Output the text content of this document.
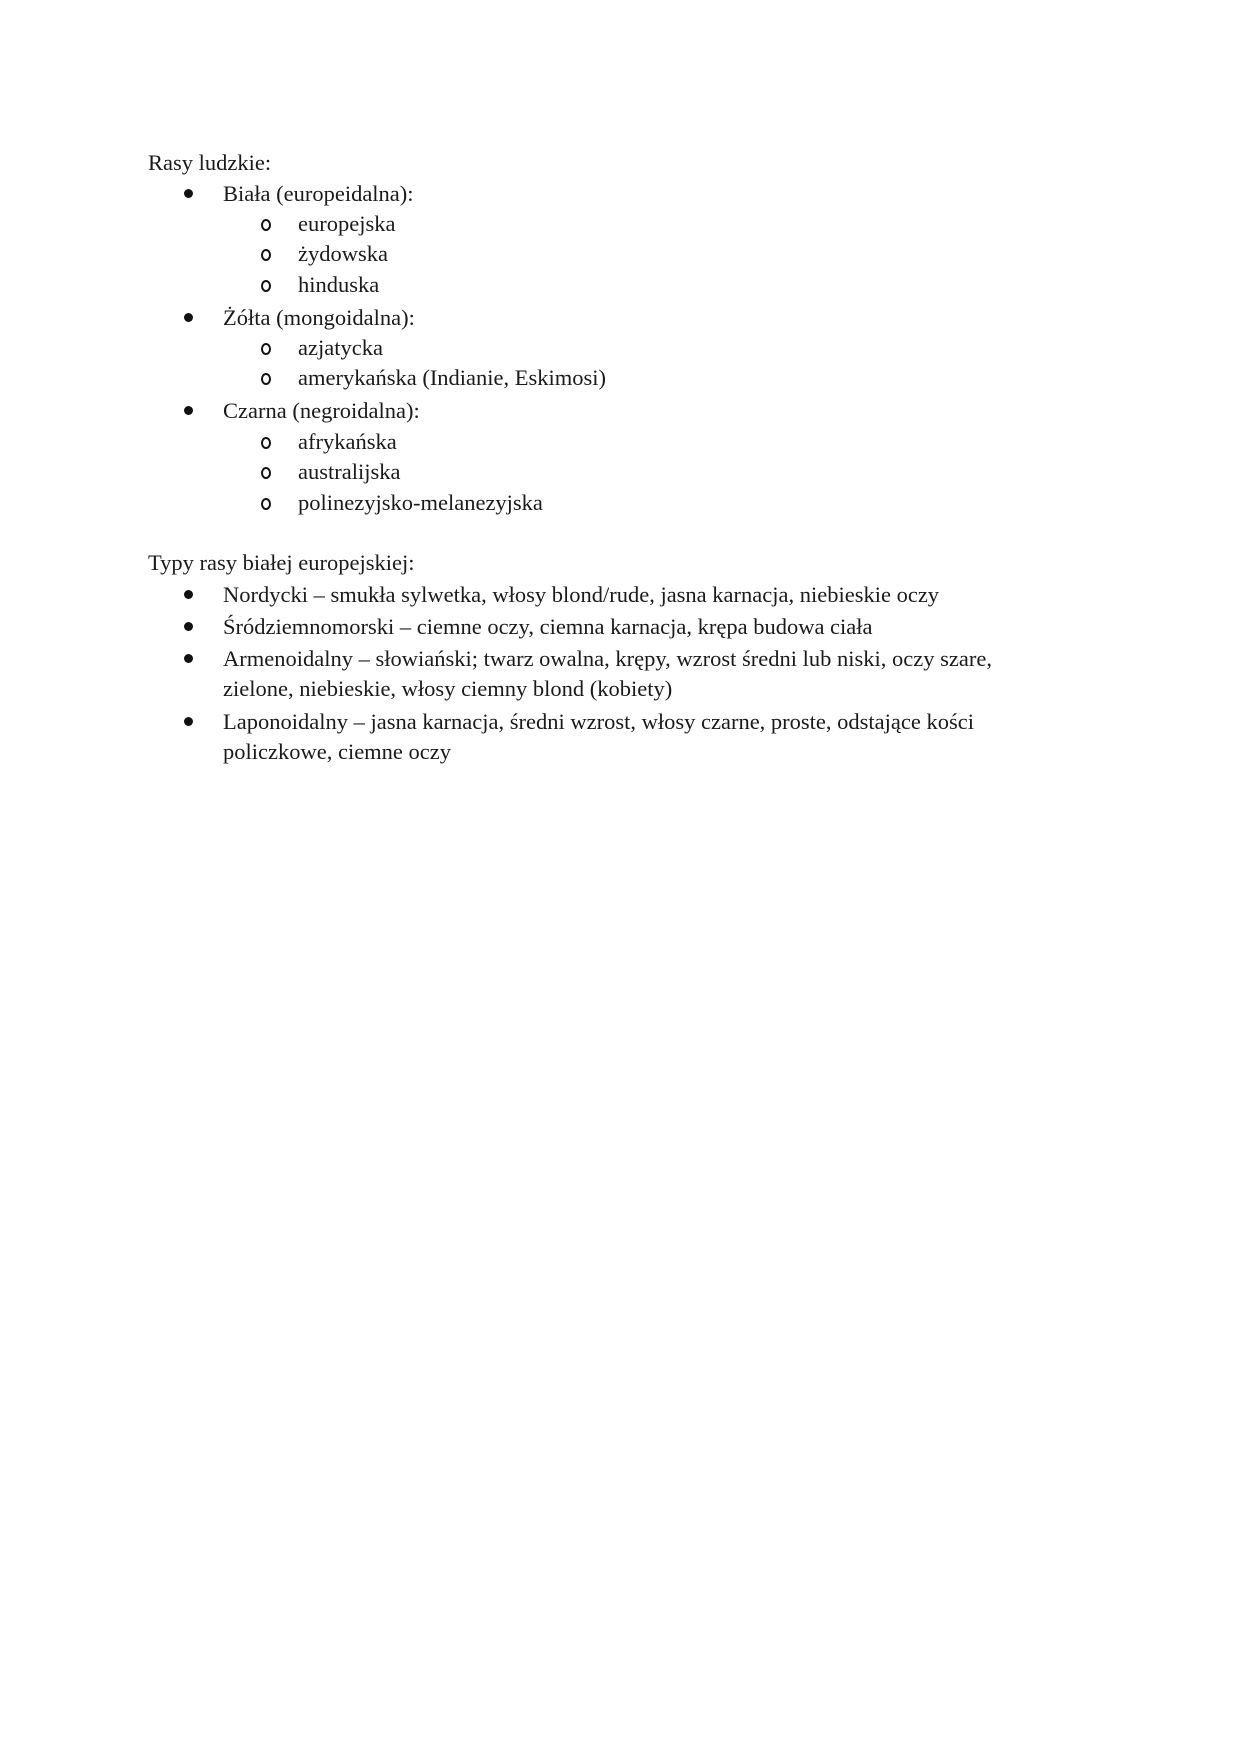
Rasy ludzkie:
Biała (europeidalna):
europejska
żydowska
hinduska
Żółta (mongoidalna):
azjatycka
amerykańska (Indianie, Eskimosi)
Czarna (negroidalna):
afrykańska
australijska
polinezyjsko-melanezyjska
Typy rasy białej europejskiej:
Nordycki – smukła sylwetka, włosy blond/rude, jasna karnacja, niebieskie oczy
Śródziemnomorski – ciemne oczy, ciemna karnacja, krępa budowa ciała
Armenoidalny – słowiański; twarz owalna, krępy, wzrost średni lub niski, oczy szare,
zielone, niebieskie, włosy ciemny blond (kobiety)
Laponoidalny – jasna karnacja, średni wzrost, włosy czarne, proste, odstające kości
policzkowe, ciemne oczy
